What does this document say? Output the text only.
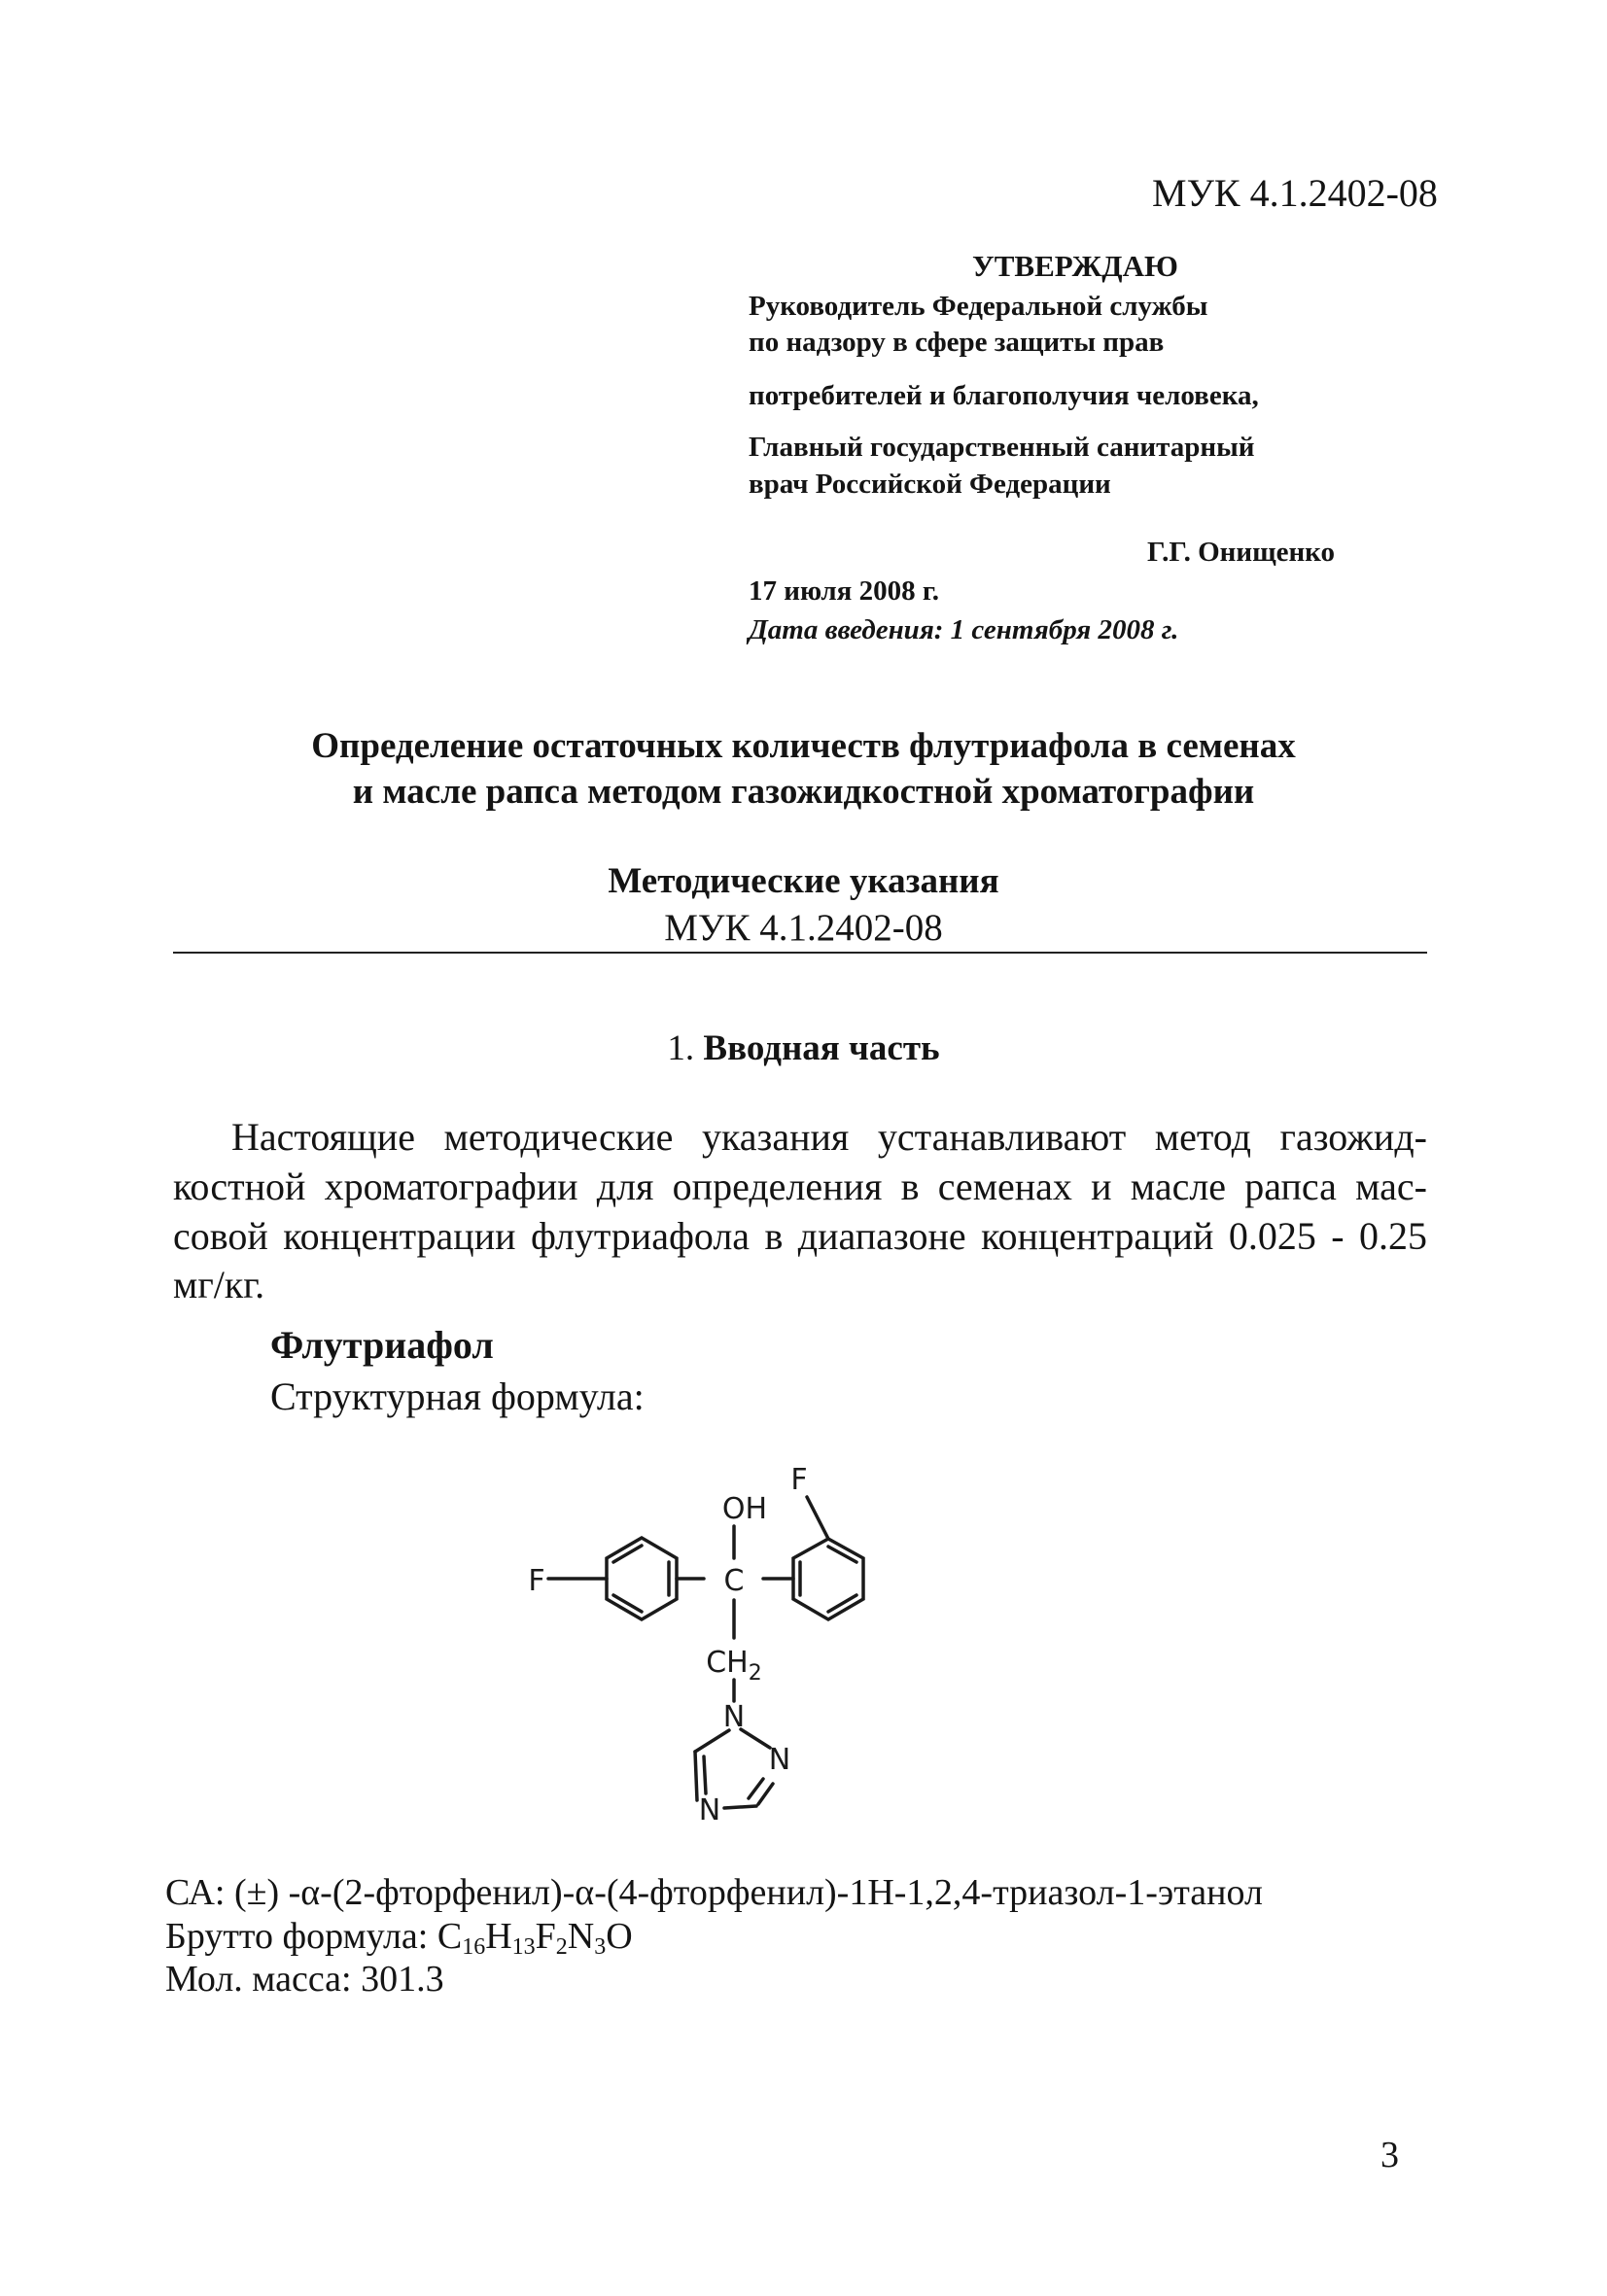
МУК 4.1.2402-08
УТВЕРЖДАЮ
Руководитель Федеральной службы
по надзору в сфере защиты прав
потребителей и благополучия человека,
Главный государственный санитарный
врач Российской Федерации
Г.Г. Онищенко
17 июля 2008 г.
Дата введения: 1 сентября 2008 г.
Определение остаточных количеств флутриафола в семенах
и масле рапса методом газожидкостной хроматографии
Методические указания
МУК 4.1.2402-08
1. Вводная часть
Настоящие методические указания устанавливают метод газожид-костной хроматографии для определения в семенах и масле рапса мас-совой концентрации флутриафола в диапазоне концентраций 0.025 - 0.25 мг/кг.
Флутриафол
Структурная формула:
F
F
OH
C
$CH_2$
N
N
N
СА: (±) -α-(2-фторфенил)-α-(4-фторфенил)-1Н-1,2,4-триазол-1-этанол
Брутто формула: $C_{16}H_{13}F_2N_3O$
Мол. масса: 301.3
3
